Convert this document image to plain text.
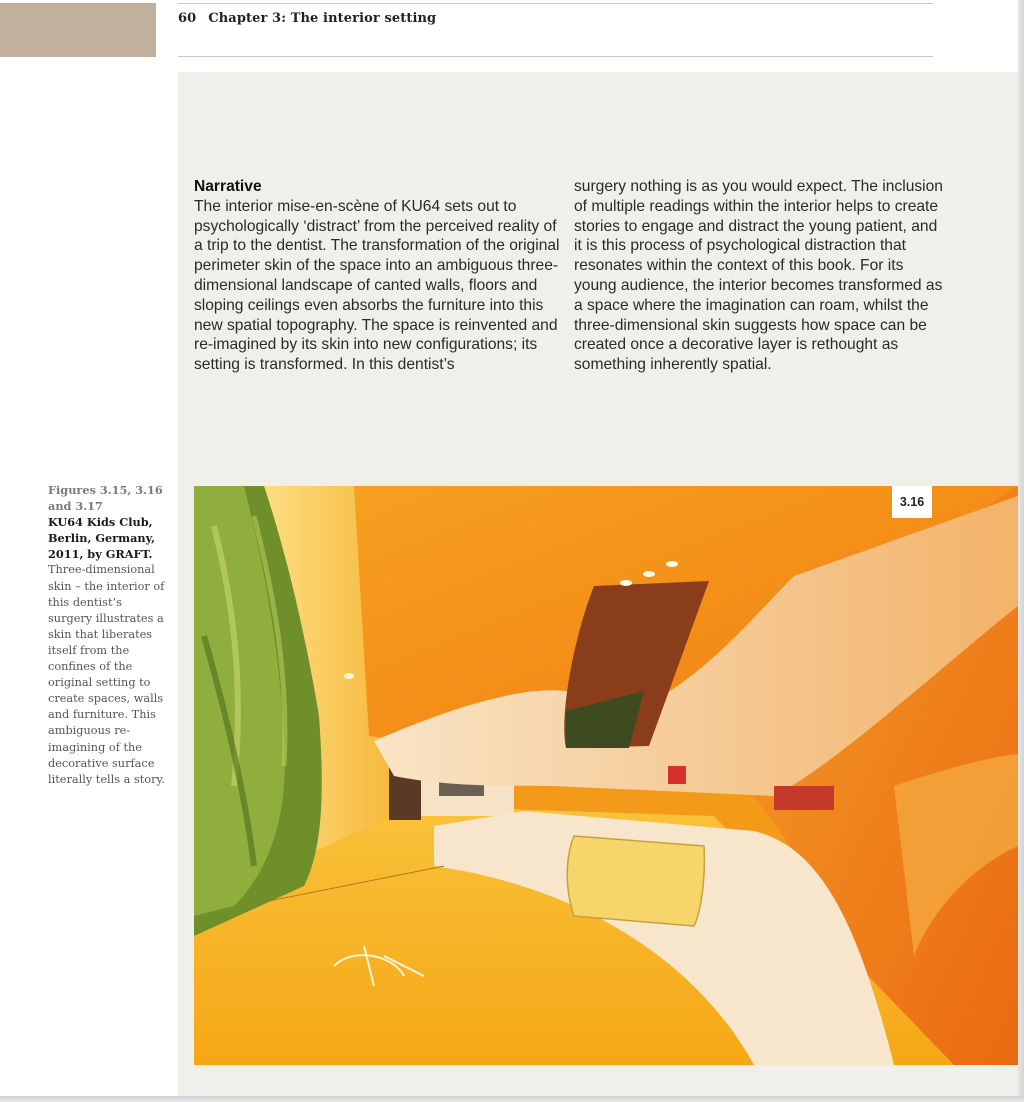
60 Chapter 3: The interior setting
Narrative
The interior mise-en-scène of KU64 sets out to psychologically ‘distract’ from the perceived reality of a trip to the dentist. The transformation of the original perimeter skin of the space into an ambiguous three-dimensional landscape of canted walls, floors and sloping ceilings even absorbs the furniture into this new spatial topography. The space is reinvented and re-imagined by its skin into new configurations; its setting is transformed. In this dentist’s
surgery nothing is as you would expect. The inclusion of multiple readings within the interior helps to create stories to engage and distract the young patient, and it is this process of psychological distraction that resonates within the context of this book. For its young audience, the interior becomes transformed as a space where the imagination can roam, whilst the three-dimensional skin suggests how space can be created once a decorative layer is rethought as something inherently spatial.
Figures 3.15, 3.16 and 3.17
KU64 Kids Club, Berlin, Germany, 2011, by GRAFT.
Three-dimensional skin – the interior of this dentist’s surgery illustrates a skin that liberates itself from the confines of the original setting to create spaces, walls and furniture. This ambiguous re-imagining of the decorative surface literally tells a story.
3.16
